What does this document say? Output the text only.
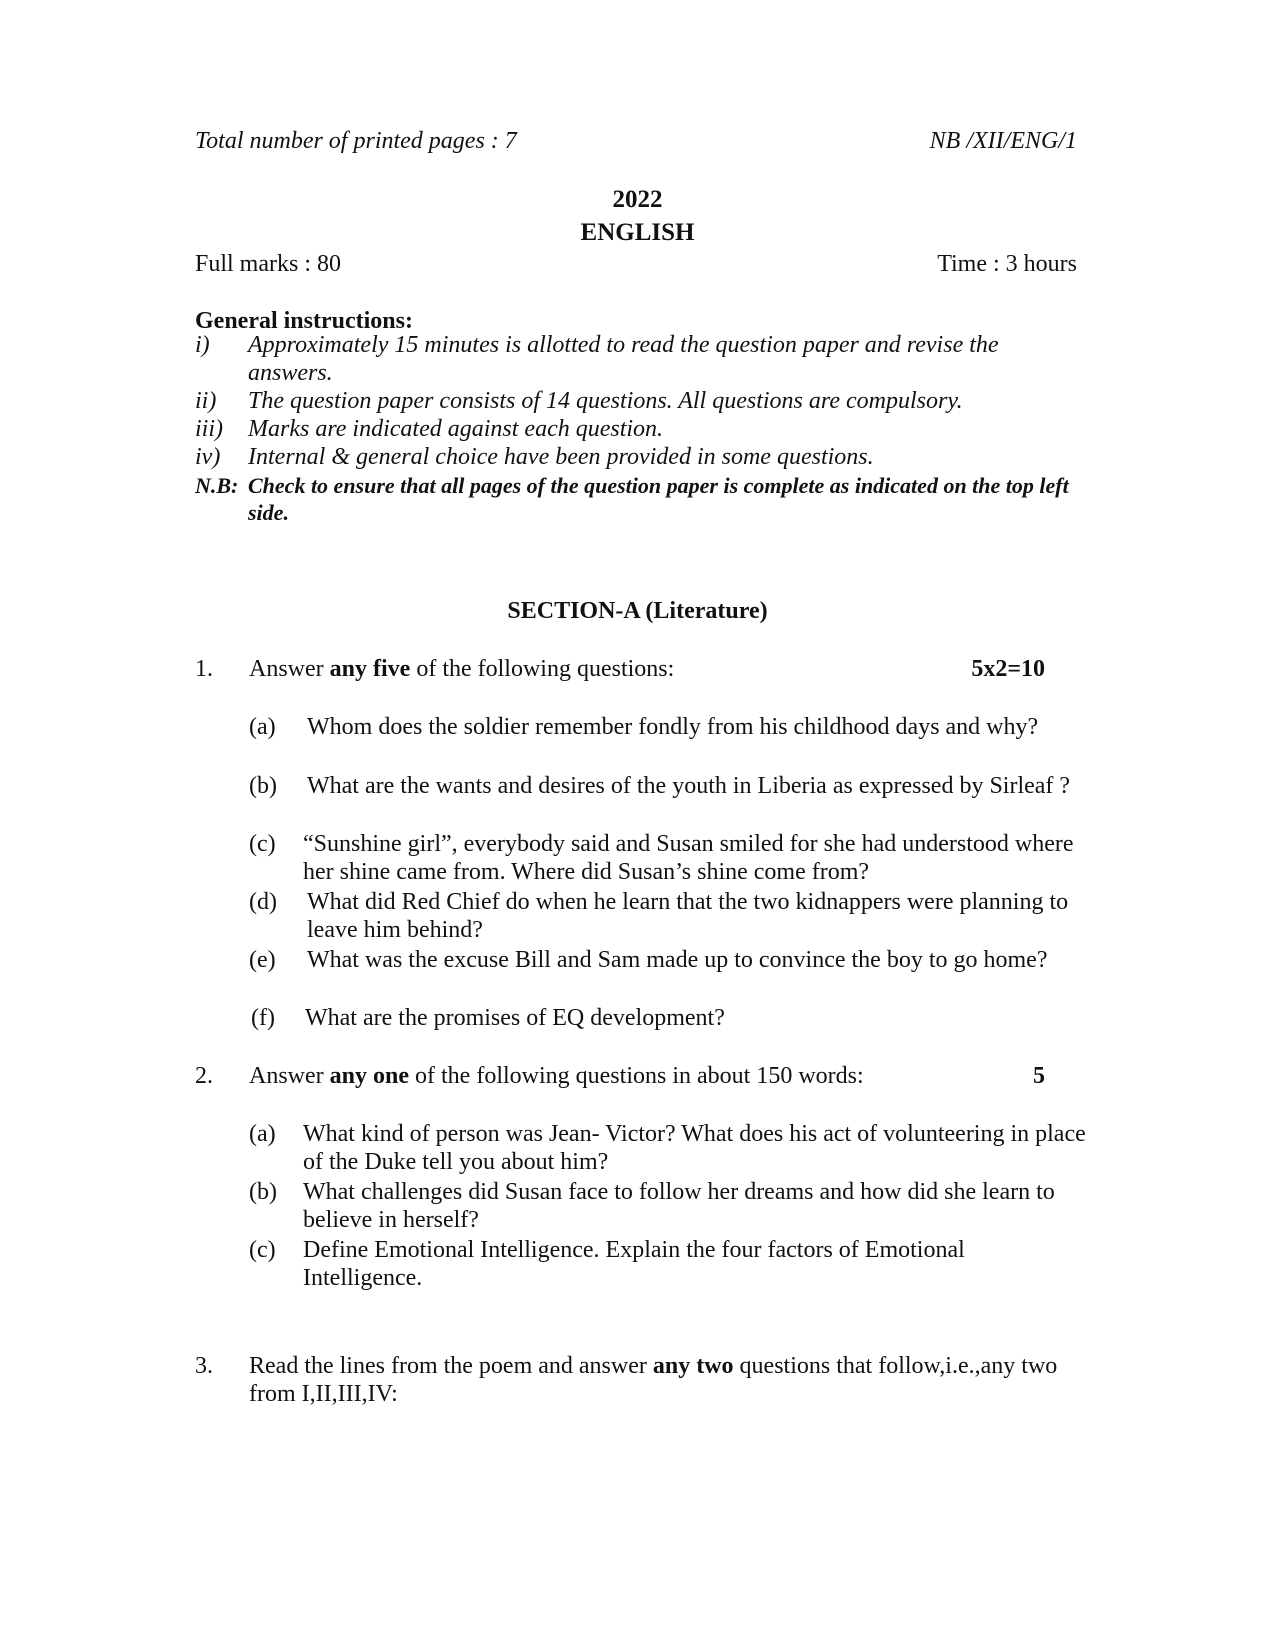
Total number of printed pages : 7	NB /XII/ENG/1
2022
ENGLISH
Full marks : 80	Time : 3 hours
General instructions:
i) Approximately 15 minutes is allotted to read the question paper and revise the answers.
ii) The question paper consists of 14 questions. All questions are compulsory.
iii) Marks are indicated against each question.
iv) Internal & general choice have been provided in some questions.
N.B: Check to ensure that all pages of the question paper is complete as indicated on the top left side.
SECTION-A (Literature)
1. Answer any five of the following questions:	5x2=10
(a) Whom does the soldier remember fondly from his childhood days and why?
(b) What are the wants and desires of the youth in Liberia as expressed by Sirleaf ?
(c) “Sunshine girl”, everybody said and Susan smiled for she had understood where her shine came from. Where did Susan’s shine come from?
(d) What did Red Chief do when he learn that the two kidnappers were planning to leave him behind?
(e) What was the excuse Bill and Sam made up to convince the boy to go home?
(f) What are the promises of EQ development?
2. Answer any one of the following questions in about 150 words:	5
(a) What kind of person was Jean- Victor? What does his act of volunteering in place of the Duke tell you about him?
(b) What challenges did Susan face to follow her dreams and how did she learn to believe in herself?
(c) Define Emotional Intelligence. Explain the four factors of Emotional Intelligence.
3. Read the lines from the poem and answer any two questions that follow,i.e.,any two from I,II,III,IV:
